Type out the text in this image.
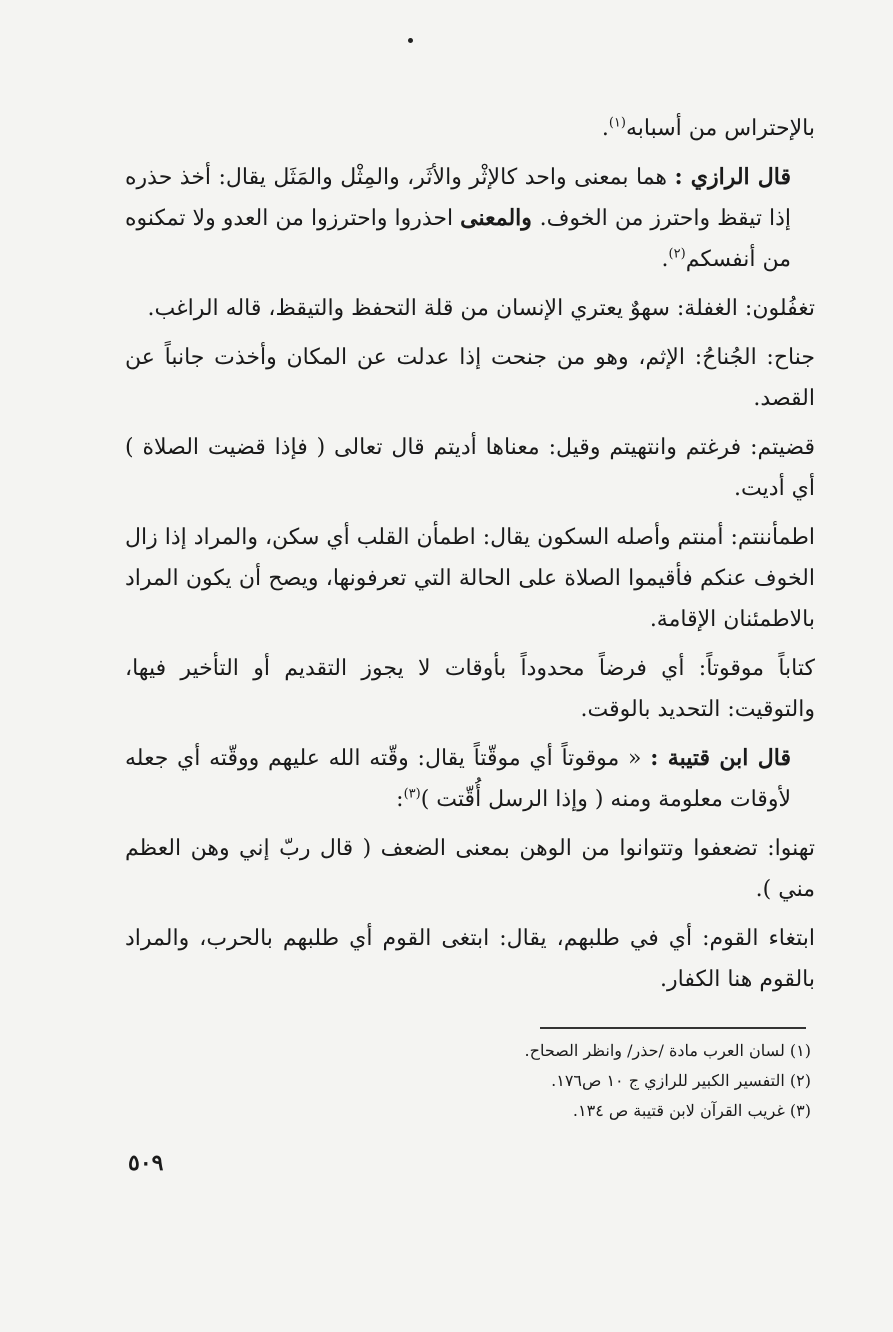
بالإحتراس من أسبابه$^{(١)}$.

قال الرازي : هما بمعنى واحد كالإثْر والأثَر، والمِثْل والمَثَل يقال: أخذ حذره إذا تيقظ واحترز من الخوف. والمعنى احذروا واحترزوا من العدو ولا تمكنوه من أنفسكم$^{(٢)}$.

تغفُلون: الغفلة: سهوٌ يعتري الإنسان من قلة التحفظ والتيقظ، قاله الراغب.

جناح: الجُناحُ: الإثم، وهو من جنحت إذا عدلت عن المكان وأخذت جانباً عن القصد.

قضيتم: فرغتم وانتهيتم وقيل: معناها أديتم قال تعالى ( فإذا قضيت الصلاة ) أي أديت.

اطمأننتم: أمنتم وأصله السكون يقال: اطمأن القلب أي سكن، والمراد إذا زال الخوف عنكم فأقيموا الصلاة على الحالة التي تعرفونها، ويصح أن يكون المراد بالاطمئنان الإقامة.

كتاباً موقوتاً: أي فرضاً محدوداً بأوقات لا يجوز التقديم أو التأخير فيها، والتوقيت: التحديد بالوقت.

قال ابن قتيبة : « موقوتاً أي موقّتاً يقال: وقّته الله عليهم ووقّته أي جعله لأوقات معلومة ومنه ( وإذا الرسل أُقّتت )$^{(٣)}$:

تهنوا: تضعفوا وتتوانوا من الوهن بمعنى الضعف ( قال ربّ إني وهن العظم مني ).

ابتغاء القوم: أي في طلبهم، يقال: ابتغى القوم أي طلبهم بالحرب، والمراد بالقوم هنا الكفار.

(١) لسان العرب مادة /حذر/ وانظر الصحاح.

(٢) التفسير الكبير للرازي ج ١٠ ص١٧٦.

(٣) غريب القرآن لابن قتيبة ص ١٣٤.

٥٠٩
